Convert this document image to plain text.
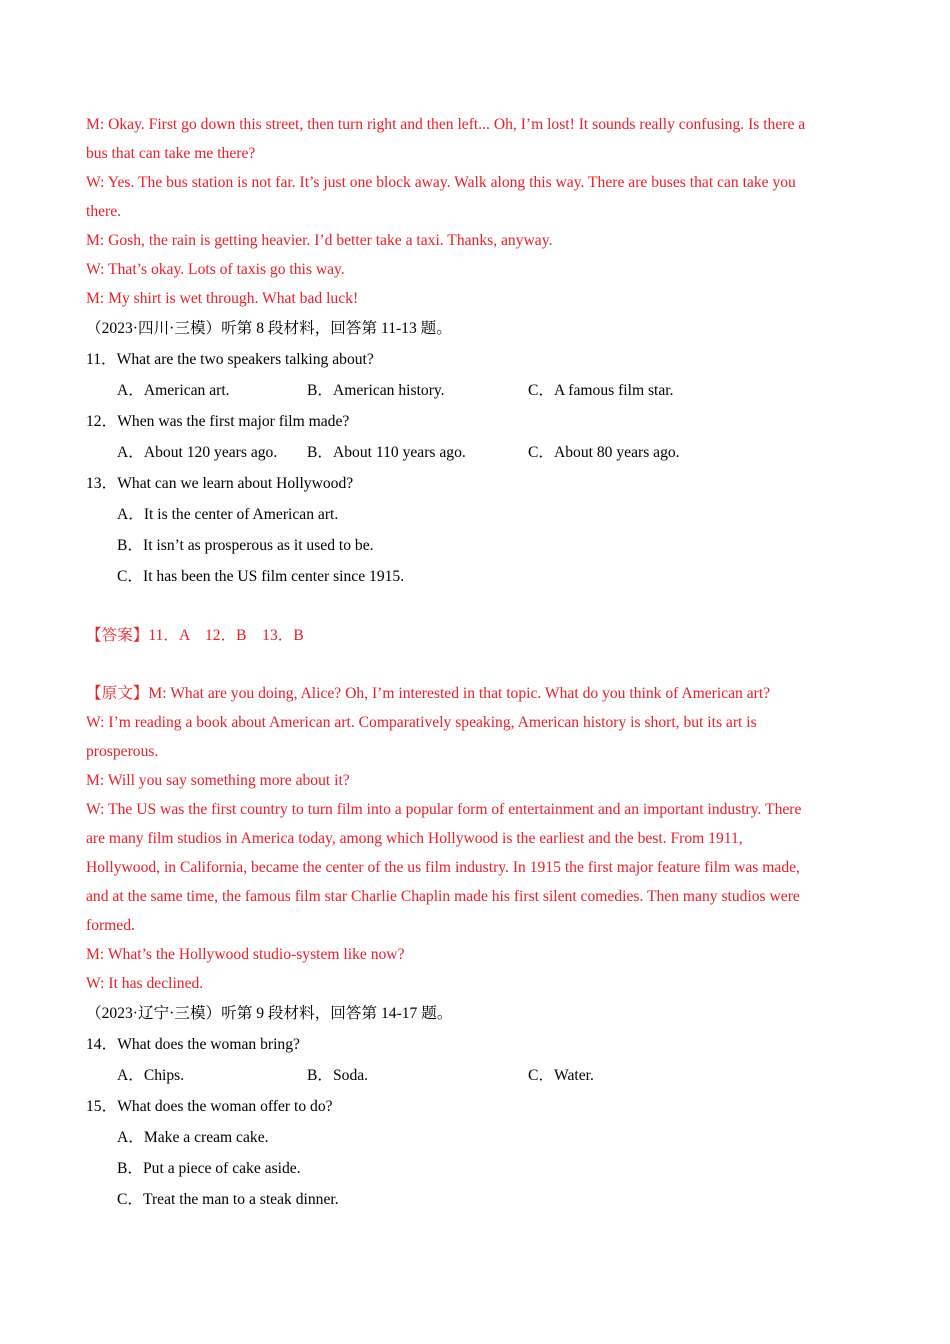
M: Okay. First go down this street, then turn right and then left... Oh, I’m lost! It sounds really confusing. Is there a
bus that can take me there?
W: Yes. The bus station is not far. It’s just one block away. Walk along this way. There are buses that can take you
there.
M: Gosh, the rain is getting heavier. I’d better take a taxi. Thanks, anyway.
W: That’s okay. Lots of taxis go this way.
M: My shirt is wet through. What bad luck!
（2023·四川·三模）听第 8 段材料，回答第 11-13 题。
11．What are the two speakers talking about?
A．American art.	B．American history.	C．A famous film star.
12．When was the first major film made?
A．About 120 years ago.	B．About 110 years ago.	C．About 80 years ago.
13．What can we learn about Hollywood?
A．It is the center of American art.
B．It isn’t as prosperous as it used to be.
C．It has been the US film center since 1915.
【答案】11．A　12．B　13．B
【原文】M: What are you doing, Alice? Oh, I’m interested in that topic. What do you think of American art?
W: I’m reading a book about American art. Comparatively speaking, American history is short, but its art is
prosperous.
M: Will you say something more about it?
W: The US was the first country to turn film into a popular form of entertainment and an important industry. There
are many film studios in America today, among which Hollywood is the earliest and the best. From 1911,
Hollywood, in California, became the center of the us film industry. In 1915 the first major feature film was made,
and at the same time, the famous film star Charlie Chaplin made his first silent comedies. Then many studios were
formed.
M: What’s the Hollywood studio-system like now?
W: It has declined.
（2023·辽宁·三模）听第 9 段材料，回答第 14-17 题。
14．What does the woman bring?
A．Chips.	B．Soda.	C．Water.
15．What does the woman offer to do?
A．Make a cream cake.
B．Put a piece of cake aside.
C．Treat the man to a steak dinner.
